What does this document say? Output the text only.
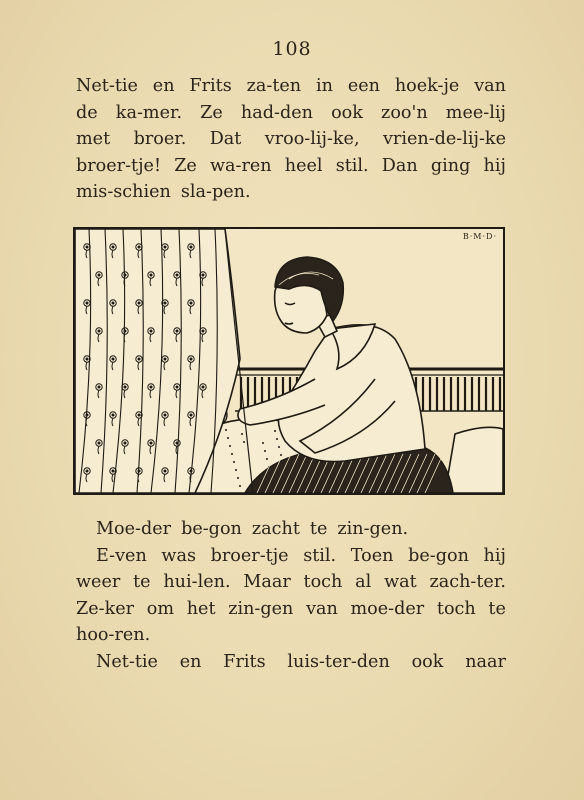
108
Net-tie en Frits za-ten in een hoek-je van
de ka-mer. Ze had-den ook zoo'n mee-lij
met broer. Dat vroo-lij-ke, vrien-de-lij-ke
broer-tje! Ze wa-ren heel stil. Dan ging hij
mis-schien sla-pen.
B·M·D·
Moe-der be-gon zacht te zin-gen.
E-ven was broer-tje stil. Toen be-gon hij
weer te hui-len. Maar toch al wat zach-ter.
Ze-ker om het zin-gen van moe-der toch te
hoo-ren.
Net-tie en Frits luis-ter-den ook naar
